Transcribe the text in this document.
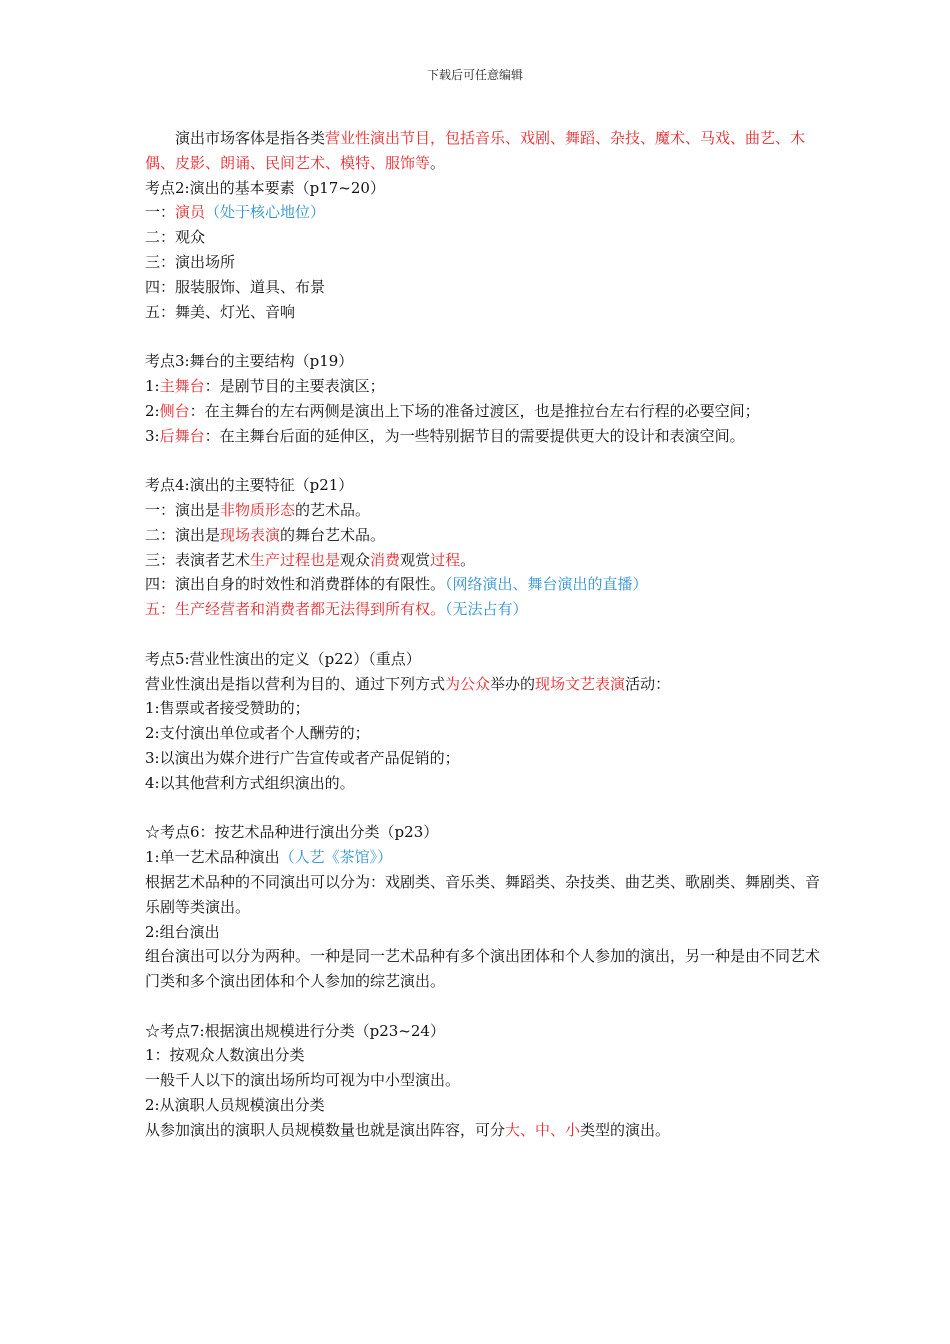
下载后可任意编辑

演出市场客体是指各类营业性演出节目，包括音乐、戏剧、舞蹈、杂技、魔术、马戏、曲艺、木偶、皮影、朗诵、民间艺术、模特、服饰等。

考点2:演出的基本要素（p17~20）

一：演员（处于核心地位）

二：观众

三：演出场所

四：服装服饰、道具、布景

五：舞美、灯光、音响

考点3:舞台的主要结构（p19）

1:主舞台：是剧节目的主要表演区；

2:侧台：在主舞台的左右两侧是演出上下场的准备过渡区，也是推拉台左右行程的必要空间；

3:后舞台：在主舞台后面的延伸区，为一些特别据节目的需要提供更大的设计和表演空间。

考点4:演出的主要特征（p21）

一：演出是非物质形态的艺术品。

二：演出是现场表演的舞台艺术品。

三：表演者艺术生产过程也是观众消费观赏过程。

四：演出自身的时效性和消费群体的有限性。（网络演出、舞台演出的直播）

五：生产经营者和消费者都无法得到所有权。（无法占有）

考点5:营业性演出的定义（p22）（重点）

营业性演出是指以营利为目的、通过下列方式为公众举办的现场文艺表演活动：

1:售票或者接受赞助的；

2:支付演出单位或者个人酬劳的；

3:以演出为媒介进行广告宣传或者产品促销的；

4:以其他营利方式组织演出的。

☆考点6：按艺术品种进行演出分类（p23）

1:单一艺术品种演出（人艺《茶馆》）

根据艺术品种的不同演出可以分为：戏剧类、音乐类、舞蹈类、杂技类、曲艺类、歌剧类、舞剧类、音乐剧等类演出。

2:组台演出

组台演出可以分为两种。一种是同一艺术品种有多个演出团体和个人参加的演出，另一种是由不同艺术门类和多个演出团体和个人参加的综艺演出。

☆考点7:根据演出规模进行分类（p23~24）

1：按观众人数演出分类

一般千人以下的演出场所均可视为中小型演出。

2:从演职人员规模演出分类

从参加演出的演职人员规模数量也就是演出阵容，可分大、中、小类型的演出。
